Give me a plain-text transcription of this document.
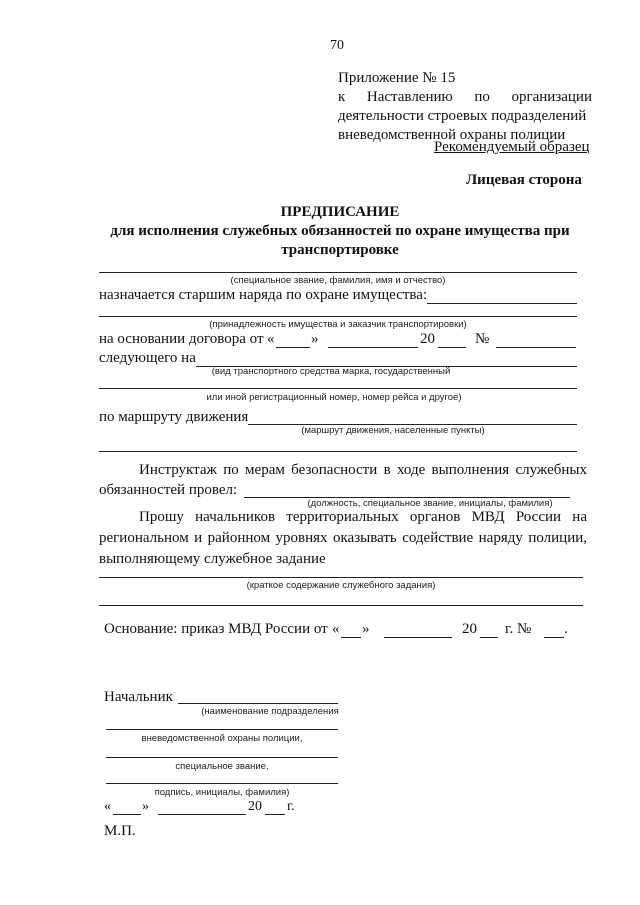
70
Приложение № 15
к Наставлению по организации
деятельности строевых подразделений
вневедомственной охраны полиции
Рекомендуемый образец
Лицевая сторона
ПРЕДПИСАНИЕ
для исполнения служебных обязанностей по охране имущества при
транспортировке
(специальное звание, фамилия, имя и отчество)
назначается старшим наряда по охране имущества:
(принадлежность имущества и заказчик транспортировки)
на основании договора от « »	20	№
следующего на
(вид транспортного средства марка, государственный
или иной регистрационный номер, номер рейса и другое)
по маршруту движения
(маршрут движения, населенные пункты)
Инструктаж по мерам безопасности в ходе выполнения служебных
обязанностей провел:
(должность, специальное звание, инициалы, фамилия)
Прошу начальников территориальных органов МВД России на
региональном и районном уровнях оказывать содействие наряду полиции,
выполняющему служебное задание
(краткое содержание служебного задания)
Основание: приказ МВД России от « »	20 г. № .
Начальник
(наименование подразделения
вневедомственной охраны полиции,
специальное звание,
подпись, инициалы, фамилия)
« »	20 г.
М.П.
